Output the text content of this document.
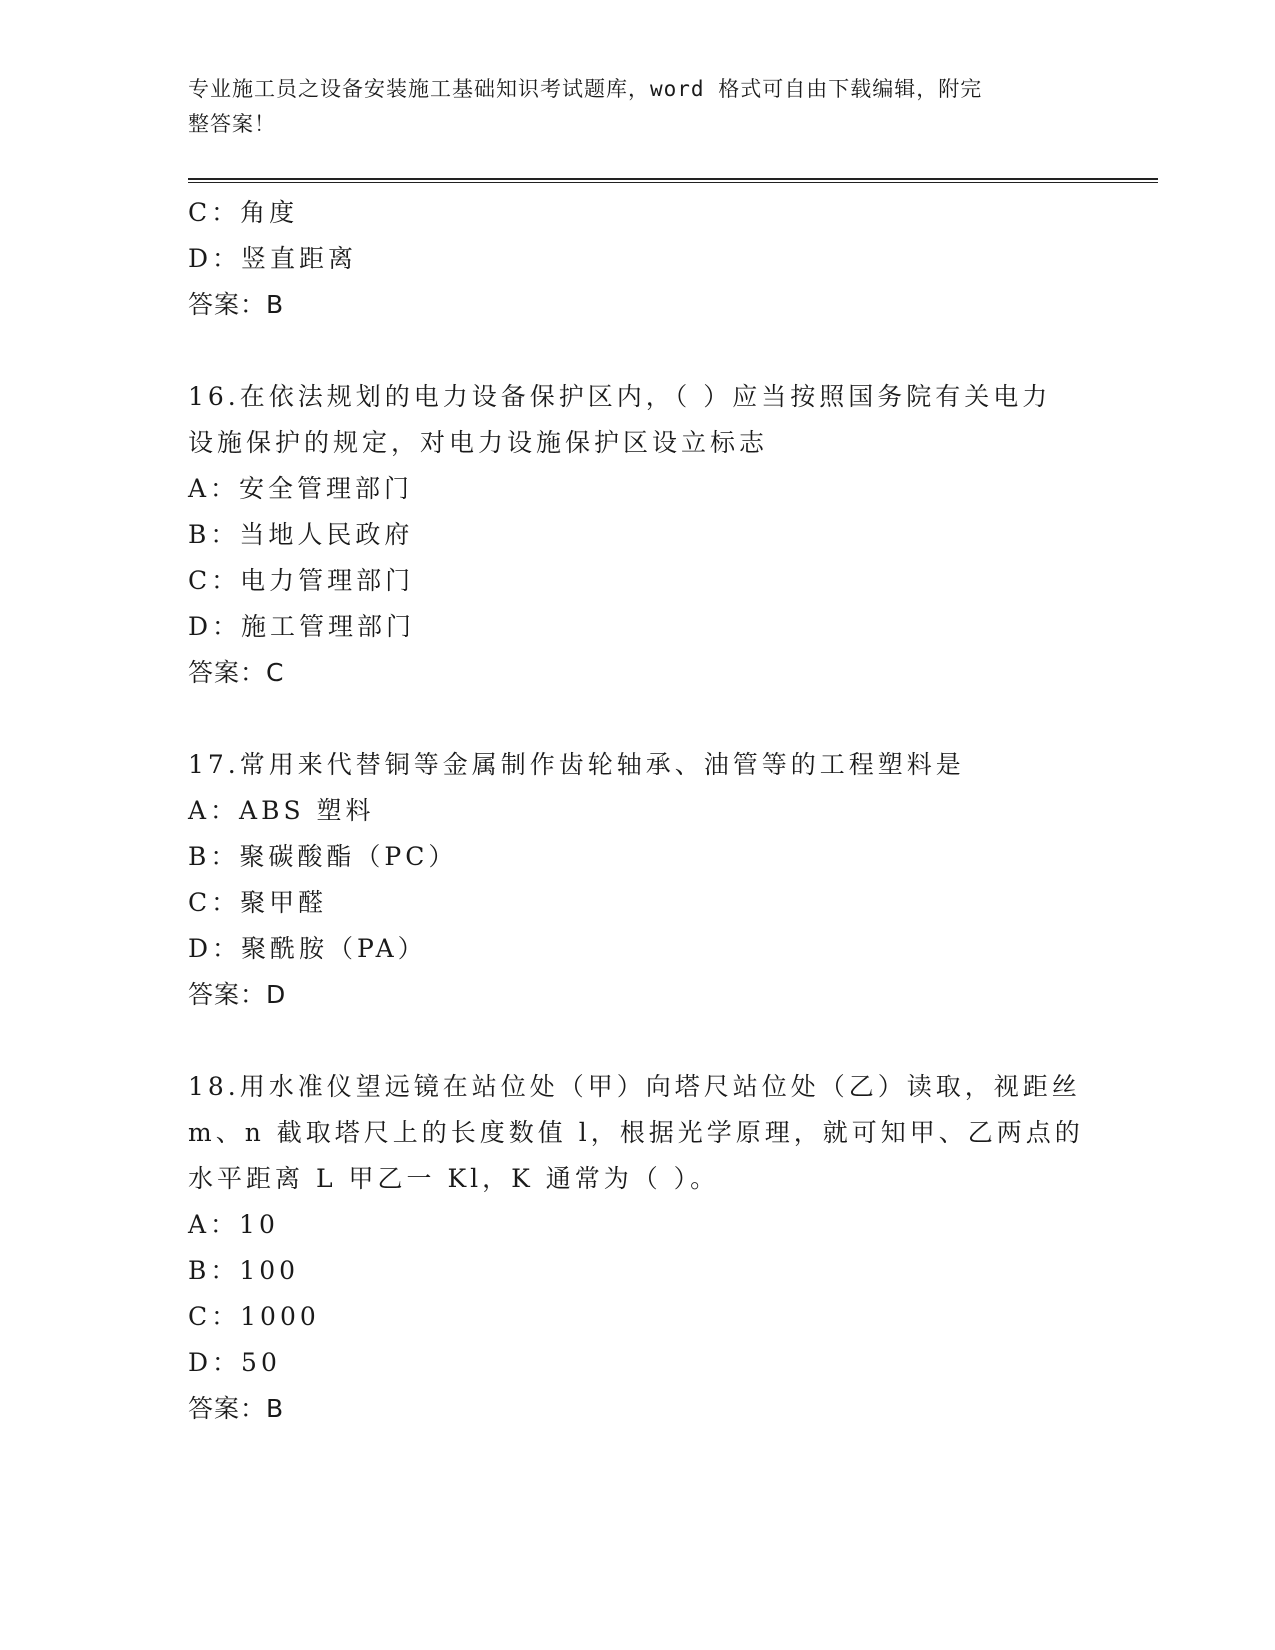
专业施工员之设备安装施工基础知识考试题库，word 格式可自由下载编辑，附完
整答案！
C：角度
D：竖直距离
答案：B
16.在依法规划的电力设备保护区内，（ ）应当按照国务院有关电力
设施保护的规定，对电力设施保护区设立标志
A：安全管理部门
B：当地人民政府
C：电力管理部门
D：施工管理部门
答案：C
17.常用来代替铜等金属制作齿轮轴承、油管等的工程塑料是
A：ABS 塑料
B：聚碳酸酯（PC）
C：聚甲醛
D：聚酰胺（PA）
答案：D
18.用水准仪望远镜在站位处（甲）向塔尺站位处（乙）读取，视距丝
m、n 截取塔尺上的长度数值 l，根据光学原理，就可知甲、乙两点的
水平距离 L 甲乙一 Kl，K 通常为（ ）。
A：10
B：100
C：1000
D：50
答案：B
